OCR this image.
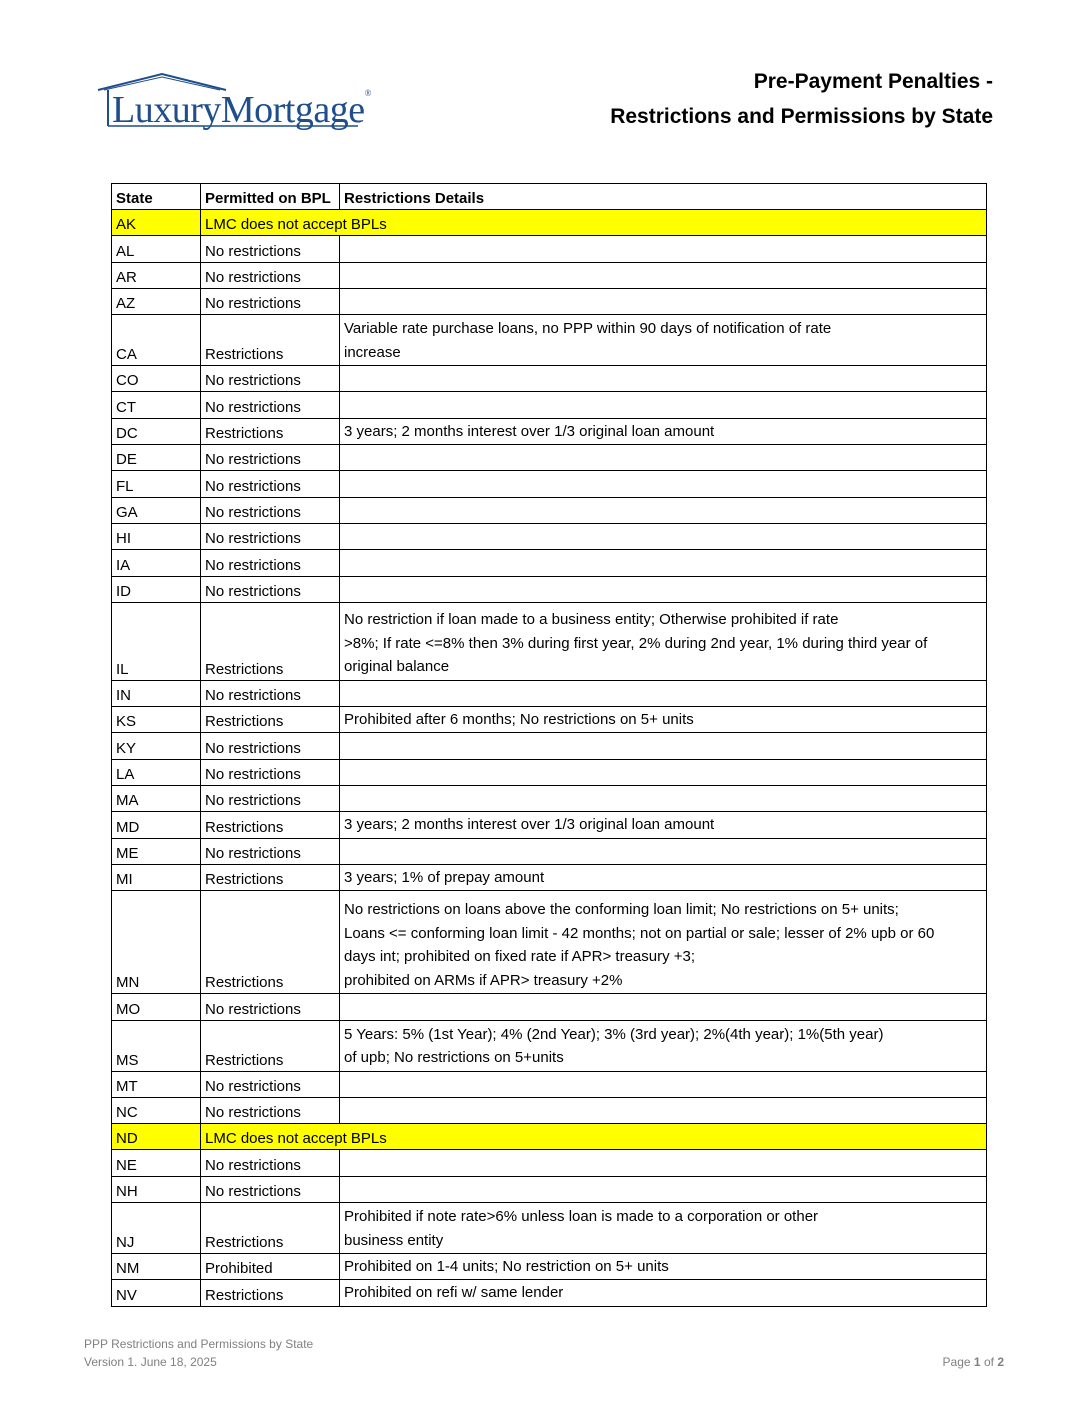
LuxuryMortgage®	Pre-Payment Penalties -
Restrictions and Permissions by State
State	Permitted on BPL	Restrictions Details
AK	LMC does not accept BPLs	
AL	No restrictions	
AR	No restrictions	
AZ	No restrictions	
CA	Restrictions	Variable rate purchase loans, no PPP within 90 days of notification of rate
increase
CO	No restrictions	
CT	No restrictions	
DC	Restrictions	3 years; 2 months interest over 1/3 original loan amount
DE	No restrictions	
FL	No restrictions	
GA	No restrictions	
HI	No restrictions	
IA	No restrictions	
ID	No restrictions	
IL	Restrictions	No restriction if loan made to a business entity; Otherwise prohibited if rate
>8%; If rate <=8% then 3% during first year, 2% during 2nd year, 1% during third year of
original balance
IN	No restrictions	
KS	Restrictions	Prohibited after 6 months; No restrictions on 5+ units
KY	No restrictions	
LA	No restrictions	
MA	No restrictions	
MD	Restrictions	3 years; 2 months interest over 1/3 original loan amount
ME	No restrictions	
MI	Restrictions	3 years; 1% of prepay amount
MN	Restrictions	No restrictions on loans above the conforming loan limit; No restrictions on 5+ units;
Loans <= conforming loan limit - 42 months; not on partial or sale; lesser of 2% upb or 60
days int; prohibited on fixed rate if APR> treasury +3;
prohibited on ARMs if APR> treasury +2%
MO	No restrictions	
MS	Restrictions	5 Years: 5% (1st Year); 4% (2nd Year); 3% (3rd year); 2%(4th year); 1%(5th year)
of upb; No restrictions on 5+units
MT	No restrictions	
NC	No restrictions	
ND	LMC does not accept BPLs	
NE	No restrictions	
NH	No restrictions	
NJ	Restrictions	Prohibited if note rate>6% unless loan is made to a corporation or other
business entity
NM	Prohibited	Prohibited on 1-4 units; No restriction on 5+ units
NV	Restrictions	Prohibited on refi w/ same lender
PPP Restrictions and Permissions by State
Version 1. June 18, 2025	Page 1 of 2
